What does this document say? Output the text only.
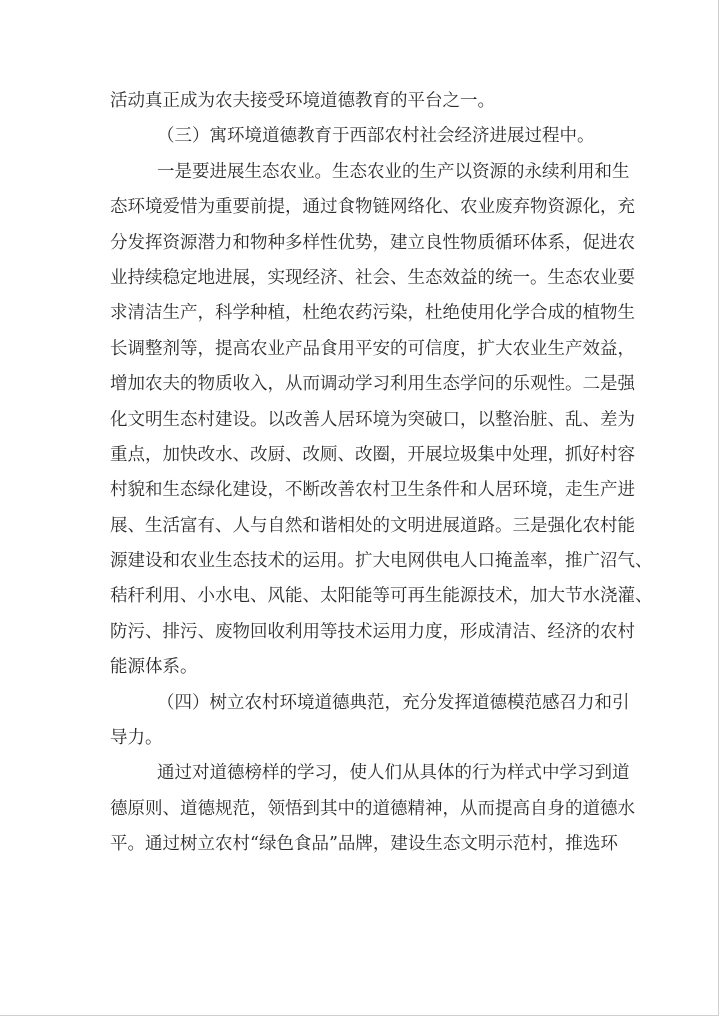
活动真正成为农夫接受环境道德教育的平台之一。
（三）寓环境道德教育于西部农村社会经济进展过程中。
一是要进展生态农业。生态农业的生产以资源的永续利用和生
态环境爱惜为重要前提，通过食物链网络化、农业废弃物资源化，充
分发挥资源潜力和物种多样性优势，建立良性物质循环体系，促进农
业持续稳定地进展，实现经济、社会、生态效益的统一。生态农业要
求清洁生产，科学种植，杜绝农药污染，杜绝使用化学合成的植物生
长调整剂等，提高农业产品食用平安的可信度，扩大农业生产效益，
增加农夫的物质收入，从而调动学习利用生态学问的乐观性。二是强
化文明生态村建设。以改善人居环境为突破口，以整治脏、乱、差为
重点，加快改水、改厨、改厕、改圈，开展垃圾集中处理，抓好村容
村貌和生态绿化建设，不断改善农村卫生条件和人居环境，走生产进
展、生活富有、人与自然和谐相处的文明进展道路。三是强化农村能
源建设和农业生态技术的运用。扩大电网供电人口掩盖率，推广沼气、
秸秆利用、小水电、风能、太阳能等可再生能源技术，加大节水浇灌、
防污、排污、废物回收利用等技术运用力度，形成清洁、经济的农村
能源体系。
（四）树立农村环境道德典范，充分发挥道德模范感召力和引
导力。
通过对道德榜样的学习，使人们从具体的行为样式中学习到道
德原则、道德规范，领悟到其中的道德精神，从而提高自身的道德水
平。通过树立农村“绿色食品”品牌，建设生态文明示范村，推选环
